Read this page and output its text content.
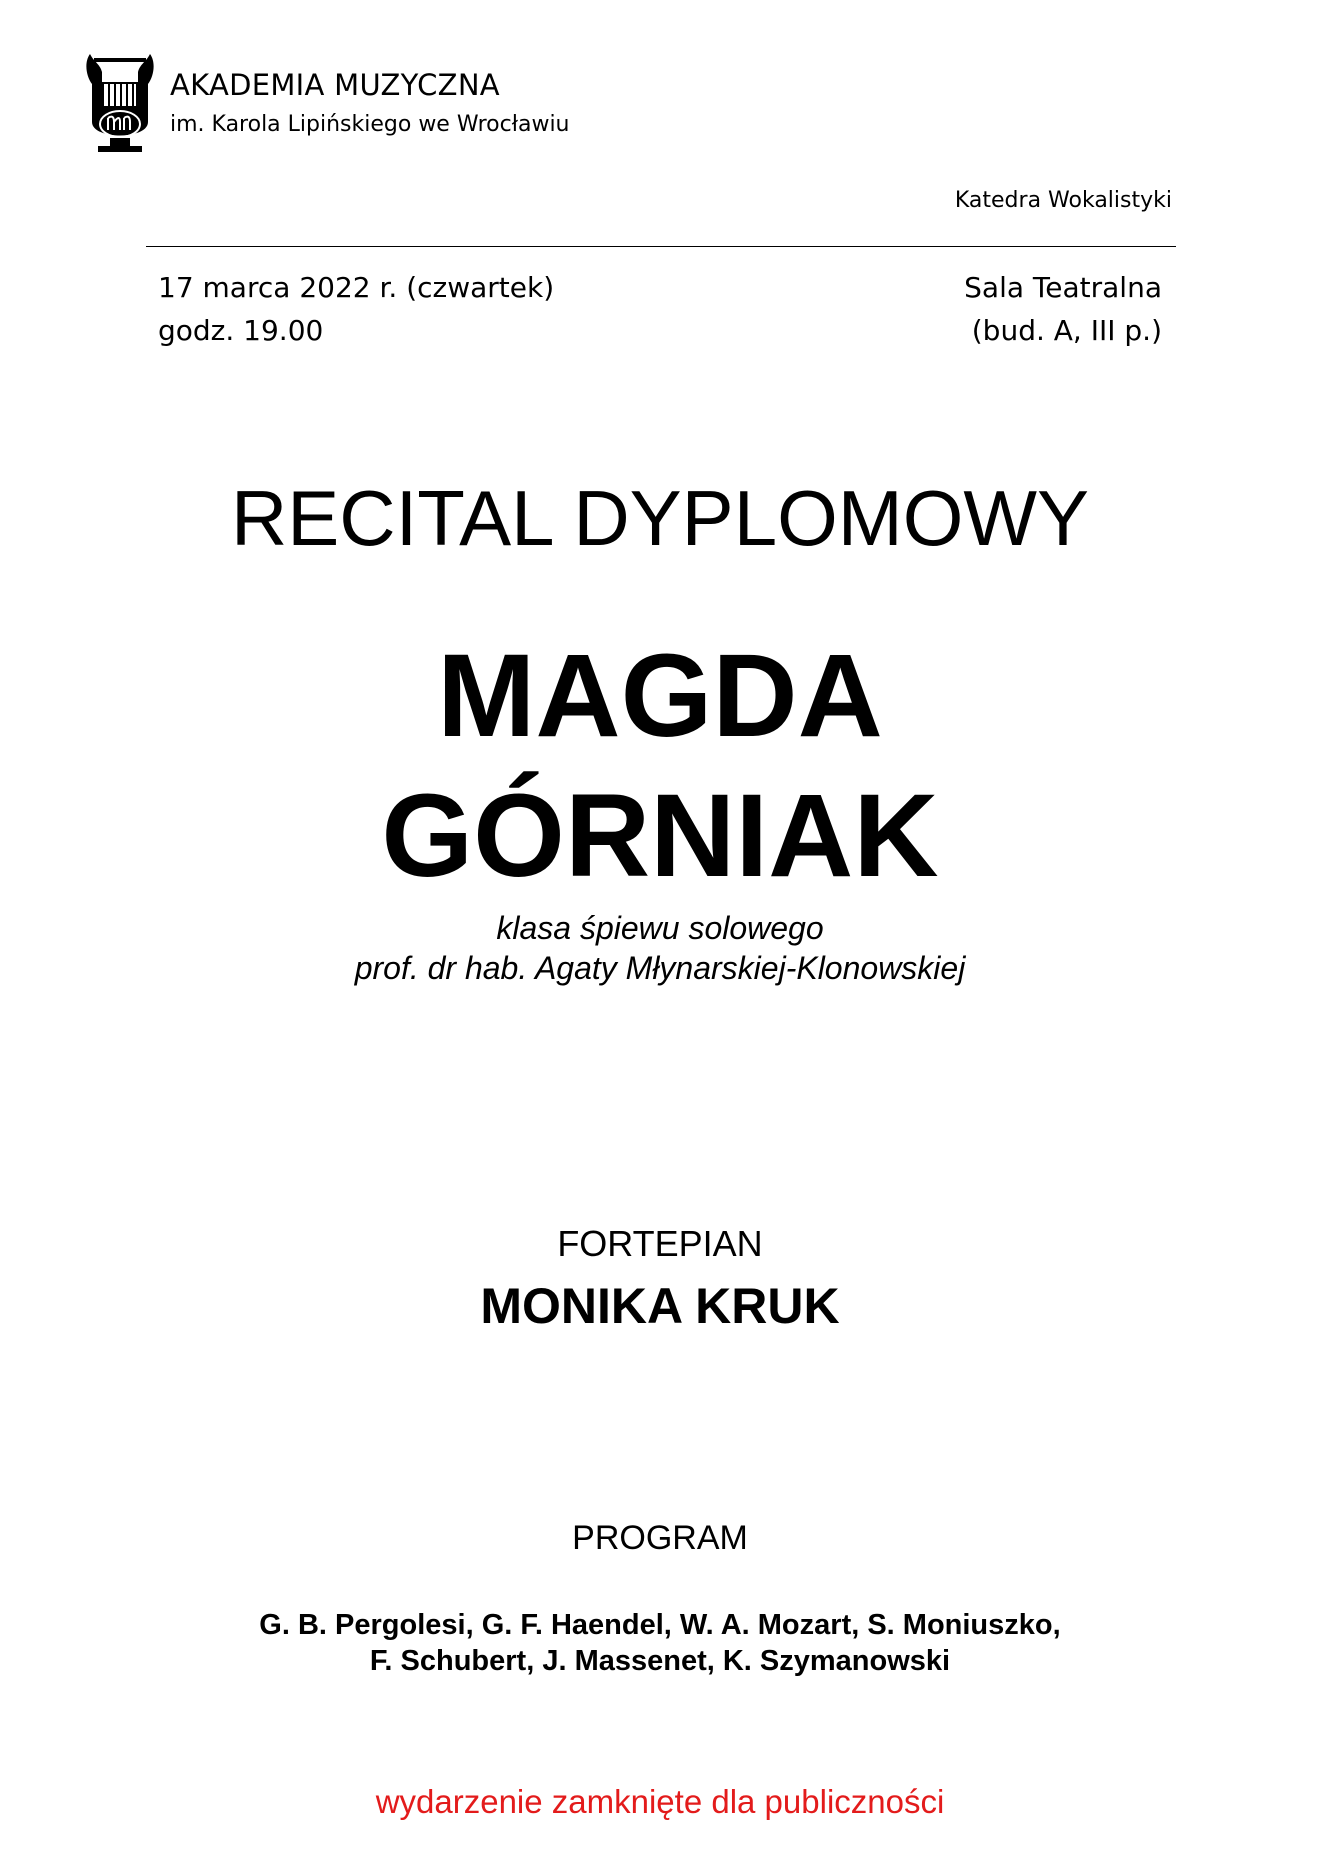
AKADEMIA MUZYCZNA
im. Karola Lipińskiego we Wrocławiu
Katedra Wokalistyki
17 marca 2022 r. (czwartek)
godz. 19.00
Sala Teatralna
(bud. A, III p.)
RECITAL DYPLOMOWY
MAGDA
GÓRNIAK
klasa śpiewu solowego
prof. dr hab. Agaty Młynarskiej-Klonowskiej
FORTEPIAN
MONIKA KRUK
PROGRAM
G. B. Pergolesi, G. F. Haendel, W. A. Mozart, S. Moniuszko,
F. Schubert, J. Massenet, K. Szymanowski
wydarzenie zamknięte dla publiczności
